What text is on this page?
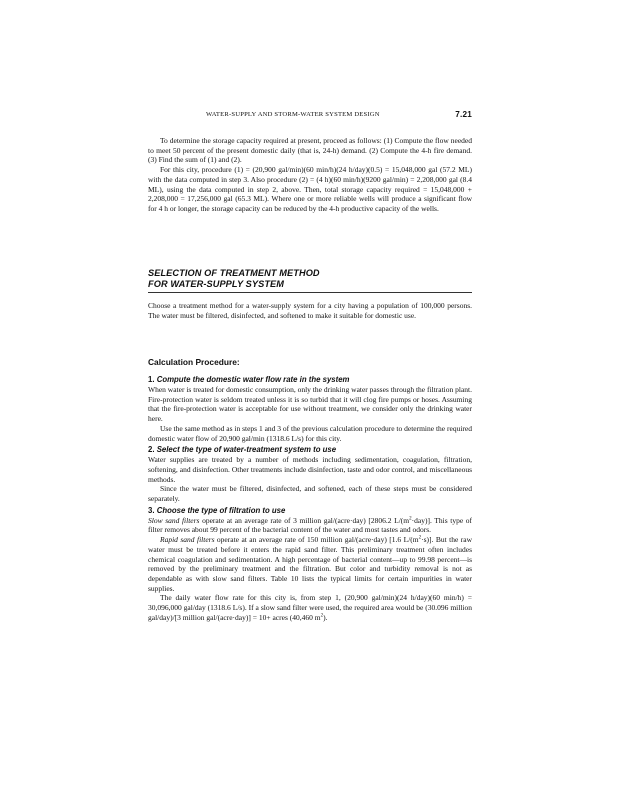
WATER-SUPPLY AND STORM-WATER SYSTEM DESIGN	7.21

To determine the storage capacity required at present, proceed as follows: (1) Compute the flow needed to meet 50 percent of the present domestic daily (that is, 24-h) demand. (2) Compute the 4-h fire demand. (3) Find the sum of (1) and (2).

For this city, procedure (1) = (20,900 gal/min)(60 min/h)(24 h/day)(0.5) = 15,048,000 gal (57.2 ML) with the data computed in step 3. Also procedure (2) = (4 h)(60 min/h)(9200 gal/min) = 2,208,000 gal (8.4 ML), using the data computed in step 2, above. Then, total storage capacity required = 15,048,000 + 2,208,000 = 17,256,000 gal (65.3 ML). Where one or more reliable wells will produce a significant flow for 4 h or longer, the storage capacity can be reduced by the 4-h productive capacity of the wells.

SELECTION OF TREATMENT METHOD
FOR WATER-SUPPLY SYSTEM

Choose a treatment method for a water-supply system for a city having a population of 100,000 persons. The water must be filtered, disinfected, and softened to make it suitable for domestic use.

Calculation Procedure:
1. Compute the domestic water flow rate in the system

When water is treated for domestic consumption, only the drinking water passes through the filtration plant. Fire-protection water is seldom treated unless it is so turbid that it will clog fire pumps or hoses. Assuming that the fire-protection water is acceptable for use without treatment, we consider only the drinking water here.

Use the same method as in steps 1 and 3 of the previous calculation procedure to determine the required domestic water flow of 20,900 gal/min (1318.6 L/s) for this city.

2. Select the type of water-treatment system to use

Water supplies are treated by a number of methods including sedimentation, coagulation, filtration, softening, and disinfection. Other treatments include disinfection, taste and odor control, and miscellaneous methods.

Since the water must be filtered, disinfected, and softened, each of these steps must be considered separately.

3. Choose the type of filtration to use

Slow sand filters operate at an average rate of 3 million gal/(acre·day) [2806.2 $L/(m^2\cdot day)$]. This type of filter removes about 99 percent of the bacterial content of the water and most tastes and odors.

Rapid sand filters operate at an average rate of 150 million gal/(acre·day) [1.6 $L/(m^2\cdot s)$]. But the raw water must be treated before it enters the rapid sand filter. This preliminary treatment often includes chemical coagulation and sedimentation. A high percentage of bacterial content—up to 99.98 percent—is removed by the preliminary treatment and the filtration. But color and turbidity removal is not as dependable as with slow sand filters. Table 10 lists the typical limits for certain impurities in water supplies.

The daily water flow rate for this city is, from step 1, (20,900 gal/min)(24 h/day)(60 min/h) = 30,096,000 gal/day (1318.6 L/s). If a slow sand filter were used, the required area would be (30.096 million gal/day)/[3 million gal/(acre·day)] = 10+ acres (40,460 $m^2$).
